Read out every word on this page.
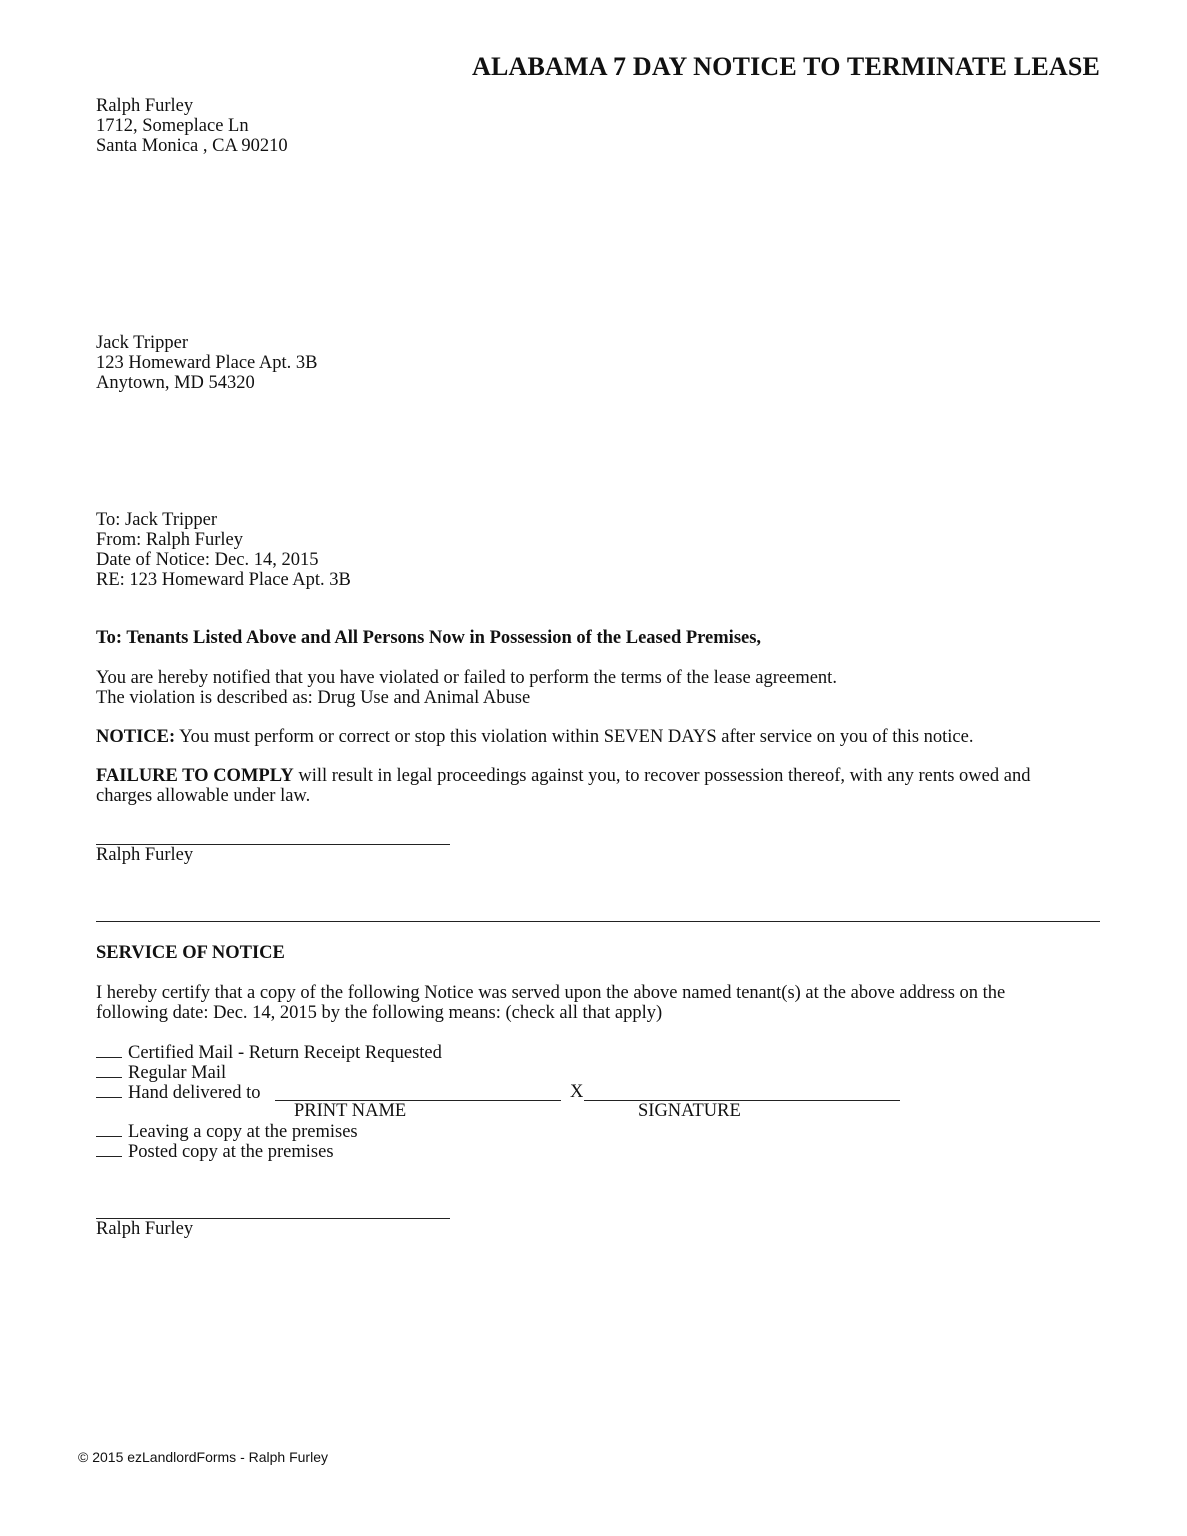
ALABAMA 7 DAY NOTICE TO TERMINATE LEASE
Ralph Furley
1712, Someplace Ln
Santa Monica , CA 90210
Jack Tripper
123 Homeward Place Apt. 3B
Anytown, MD 54320
To: Jack Tripper
From: Ralph Furley
Date of Notice: Dec. 14, 2015
RE: 123 Homeward Place Apt. 3B
To: Tenants Listed Above and All Persons Now in Possession of the Leased Premises,
You are hereby notified that you have violated or failed to perform the terms of the lease agreement.
The violation is described as: Drug Use and Animal Abuse
NOTICE: You must perform or correct or stop this violation within SEVEN DAYS after service on you of this notice.
FAILURE TO COMPLY will result in legal proceedings against you, to recover possession thereof, with any rents owed and
charges allowable under law.
Ralph Furley
SERVICE OF NOTICE
I hereby certify that a copy of the following Notice was served upon the above named tenant(s) at the above address on the
following date: Dec. 14, 2015 by the following means: (check all that apply)
Certified Mail - Return Receipt Requested
Regular Mail
Hand delivered to	X
PRINT NAME	SIGNATURE
Leaving a copy at the premises
Posted copy at the premises
Ralph Furley
© 2015 ezLandlordForms - Ralph Furley
